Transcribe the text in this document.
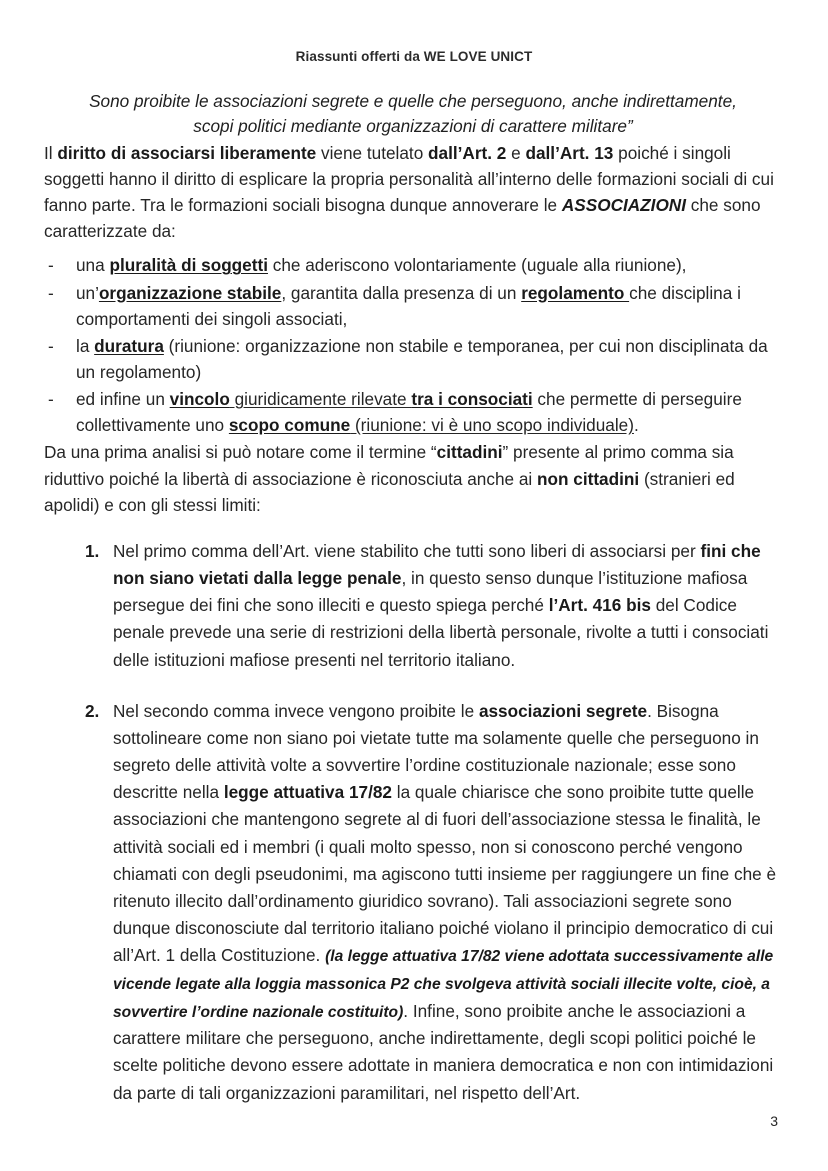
Riassunti offerti da WE LOVE UNICT
Sono proibite le associazioni segrete e quelle che perseguono, anche indirettamente, scopi politici mediante organizzazioni di carattere militare”

Il diritto di associarsi liberamente viene tutelato dall’Art. 2 e dall’Art. 13 poiché i singoli soggetti hanno il diritto di esplicare la propria personalità all’interno delle formazioni sociali di cui fanno parte. Tra le formazioni sociali bisogna dunque annoverare le ASSOCIAZIONI che sono caratterizzate da:

- una pluralità di soggetti che aderiscono volontariamente (uguale alla riunione),
- un’organizzazione stabile, garantita dalla presenza di un regolamento che disciplina i comportamenti dei singoli associati,
- la duratura (riunione: organizzazione non stabile e temporanea, per cui non disciplinata da un regolamento)
- ed infine un vincolo giuridicamente rilevate tra i consociati che permette di perseguire collettivamente uno scopo comune (riunione: vi è uno scopo individuale).

Da una prima analisi si può notare come il termine “cittadini” presente al primo comma sia riduttivo poiché la libertà di associazione è riconosciuta anche ai non cittadini (stranieri ed apolidi) e con gli stessi limiti:

1. Nel primo comma dell’Art. viene stabilito che tutti sono liberi di associarsi per fini che non siano vietati dalla legge penale, in questo senso dunque l’istituzione mafiosa persegue dei fini che sono illeciti e questo spiega perché l’Art. 416 bis del Codice penale prevede una serie di restrizioni della libertà personale, rivolte a tutti i consociati delle istituzioni mafiose presenti nel territorio italiano.
2. Nel secondo comma invece vengono proibite le associazioni segrete. Bisogna sottolineare come non siano poi vietate tutte ma solamente quelle che perseguono in segreto delle attività volte a sovvertire l’ordine costituzionale nazionale; esse sono descritte nella legge attuativa 17/82 la quale chiarisce che sono proibite tutte quelle associazioni che mantengono segrete al di fuori dell’associazione stessa le finalità, le attività sociali ed i membri (i quali molto spesso, non si conoscono perché vengono chiamati con degli pseudonimi, ma agiscono tutti insieme per raggiungere un fine che è ritenuto illecito dall’ordinamento giuridico sovrano). Tali associazioni segrete sono dunque disconosciute dal territorio italiano poiché violano il principio democratico di cui all’Art. 1 della Costituzione. (la legge attuativa 17/82 viene adottata successivamente alle vicende legate alla loggia massonica P2 che svolgeva attività sociali illecite volte, cioè, a sovvertire l’ordine nazionale costituito). Infine, sono proibite anche le associazioni a carattere militare che perseguono, anche indirettamente, degli scopi politici poiché le scelte politiche devono essere adottate in maniera democratica e non con intimidazioni da parte di tali organizzazioni paramilitari, nel rispetto dell’Art.
3
